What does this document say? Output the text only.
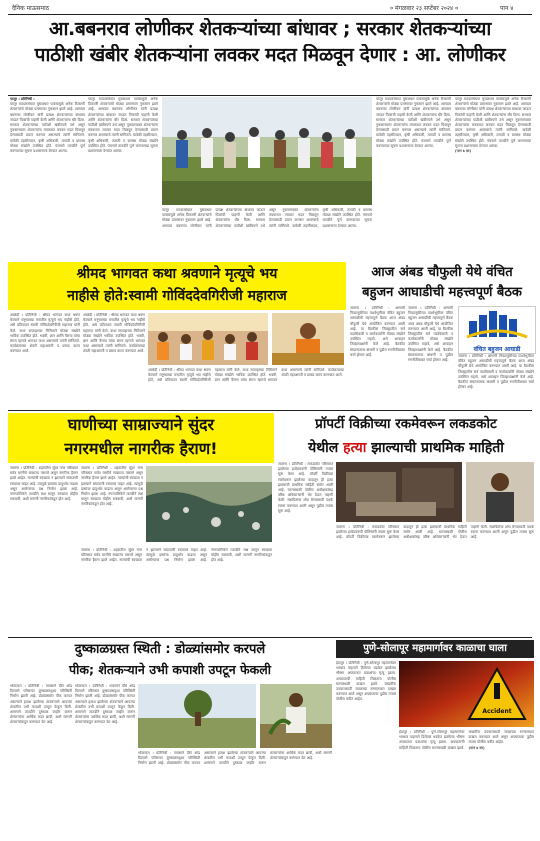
दैनिक माऊसमाठ	० मंगळवार २३ सप्टेंबर २०२४ ०	पान ४
आ.बबनराव लोणीकर शेतकऱ्यांच्या बांधावर ; सरकार शेतकऱ्यांच्या
पाठीशी खंबीर शेतकऱ्यांना लवकर मदत मिळवून देणार : आ. लोणीकर

परतूर । प्रतिनिधी :

परतूर मतदारसंघात मुसळधार पावसामुळे अनेक ठिकाणी शेतकऱ्यांचे मोठ्या प्रमाणावर नुकसान झाले आहे. आमदार बबनराव लोणीकर यांनी प्रत्यक्ष शेतकऱ्यांच्या बांधावर जाऊन पिकांची पाहणी केली आणि शेतकऱ्यांना धीर दिला. सरकार शेतकऱ्यांच्या पाठीशी खंबीरपणे उभे असून नुकसानग्रस्त शेतकऱ्यांना लवकरात लवकर मदत मिळवून देण्यासाठी प्रयत्न करणार असल्याचे त्यांनी सांगितले. यावेळी तहसीलदार, कृषी अधिकारी, तलाठी व ग्रामस्थ मोठ्या संख्येने उपस्थित होते. पंचनामे तातडीने पूर्ण करण्याच्या सूचना प्रशासनाला देण्यात आल्या.

परतूर मतदारसंघात मुसळधार पावसामुळे अनेक ठिकाणी शेतकऱ्यांचे मोठ्या प्रमाणावर नुकसान झाले आहे. आमदार बबनराव लोणीकर यांनी प्रत्यक्ष शेतकऱ्यांच्या बांधावर जाऊन पिकांची पाहणी केली आणि शेतकऱ्यांना धीर दिला. सरकार शेतकऱ्यांच्या पाठीशी खंबीरपणे उभे असून नुकसानग्रस्त शेतकऱ्यांना लवकरात लवकर मदत मिळवून देण्यासाठी प्रयत्न करणार असल्याचे त्यांनी सांगितले. यावेळी तहसीलदार, कृषी अधिकारी, तलाठी व ग्रामस्थ मोठ्या संख्येने उपस्थित होते. पंचनामे तातडीने पूर्ण करण्याच्या सूचना प्रशासनाला देण्यात आल्या.

परतूर मतदारसंघात मुसळधार पावसामुळे अनेक ठिकाणी शेतकऱ्यांचे मोठ्या प्रमाणावर नुकसान झाले आहे. आमदार बबनराव लोणीकर यांनी प्रत्यक्ष शेतकऱ्यांच्या बांधावर जाऊन पिकांची पाहणी केली आणि शेतकऱ्यांना धीर दिला. सरकार शेतकऱ्यांच्या पाठीशी खंबीरपणे उभे असून नुकसानग्रस्त शेतकऱ्यांना लवकरात लवकर मदत मिळवून देण्यासाठी प्रयत्न करणार असल्याचे त्यांनी सांगितले. यावेळी तहसीलदार, कृषी अधिकारी, तलाठी व ग्रामस्थ मोठ्या संख्येने उपस्थित होते. पंचनामे तातडीने पूर्ण करण्याच्या सूचना प्रशासनाला देण्यात आल्या.

परतूर मतदारसंघात मुसळधार पावसामुळे अनेक ठिकाणी शेतकऱ्यांचे मोठ्या प्रमाणावर नुकसान झाले आहे. आमदार बबनराव लोणीकर यांनी प्रत्यक्ष शेतकऱ्यांच्या बांधावर जाऊन पिकांची पाहणी केली आणि शेतकऱ्यांना धीर दिला. सरकार शेतकऱ्यांच्या पाठीशी खंबीरपणे उभे असून नुकसानग्रस्त शेतकऱ्यांना लवकरात लवकर मदत मिळवून देण्यासाठी प्रयत्न करणार असल्याचे त्यांनी सांगितले. यावेळी तहसीलदार, कृषी अधिकारी, तलाठी व ग्रामस्थ मोठ्या संख्येने उपस्थित होते. पंचनामे तातडीने पूर्ण करण्याच्या सूचना प्रशासनाला देण्यात आल्या.

परतूर मतदारसंघात मुसळधार पावसामुळे अनेक ठिकाणी शेतकऱ्यांचे मोठ्या प्रमाणावर नुकसान झाले आहे. आमदार बबनराव लोणीकर यांनी प्रत्यक्ष शेतकऱ्यांच्या बांधावर जाऊन पिकांची पाहणी केली आणि शेतकऱ्यांना धीर दिला. सरकार शेतकऱ्यांच्या पाठीशी खंबीरपणे उभे असून नुकसानग्रस्त शेतकऱ्यांना लवकरात लवकर मदत मिळवून देण्यासाठी प्रयत्न करणार असल्याचे त्यांनी सांगितले. यावेळी तहसीलदार, कृषी अधिकारी, तलाठी व ग्रामस्थ मोठ्या संख्येने उपस्थित होते. पंचनामे तातडीने पूर्ण करण्याच्या सूचना प्रशासनाला देण्यात आल्या.

(पान ७ वर)

श्रीमद भागवत कथा श्रवणाने मृत्यूचे भय
नाहीसे होते:स्वामी गोविंददेवगिरीजी महाराज

आळंदी । प्रतिनिधी : श्रीमद भागवत कथा श्रवण केल्याने मनुष्याच्या मनातील मृत्यूचे भय नाहीसे होते, असे प्रतिपादन स्वामी गोविंददेवगिरीजी महाराज यांनी केले. कथा सप्ताहाच्या निमित्ताने मोठ्या संख्येने भाविक उपस्थित होते. भक्ती, ज्ञान आणि वैराग्य यांचा संगम म्हणजे भागवत कथा असल्याचे त्यांनी सांगितले. कार्यक्रमाच्या शेवटी महाआरती व प्रसाद वाटप करण्यात आले.

आळंदी । प्रतिनिधी : श्रीमद भागवत कथा श्रवण केल्याने मनुष्याच्या मनातील मृत्यूचे भय नाहीसे होते, असे प्रतिपादन स्वामी गोविंददेवगिरीजी महाराज यांनी केले. कथा सप्ताहाच्या निमित्ताने मोठ्या संख्येने भाविक उपस्थित होते. भक्ती, ज्ञान आणि वैराग्य यांचा संगम म्हणजे भागवत कथा असल्याचे त्यांनी सांगितले. कार्यक्रमाच्या शेवटी महाआरती व प्रसाद वाटप करण्यात आले.

आळंदी । प्रतिनिधी : श्रीमद भागवत कथा श्रवण केल्याने मनुष्याच्या मनातील मृत्यूचे भय नाहीसे होते, असे प्रतिपादन स्वामी गोविंददेवगिरीजी महाराज यांनी केले. कथा सप्ताहाच्या निमित्ताने मोठ्या संख्येने भाविक उपस्थित होते. भक्ती, ज्ञान आणि वैराग्य यांचा संगम म्हणजे भागवत कथा असल्याचे त्यांनी सांगितले. कार्यक्रमाच्या शेवटी महाआरती व प्रसाद वाटप करण्यात आले.

आज अंबड चौफुली येथे वंचित
बहुजन आघाडीची महत्त्वपूर्ण बैठक

जालना । प्रतिनिधी : आगामी निवडणुकीच्या पार्श्वभूमीवर वंचित बहुजन आघाडीची महत्त्वपूर्ण बैठक आज अंबड चौफुली येथे आयोजित करण्यात आली आहे. या बैठकीस जिल्ह्यातील सर्व पदाधिकारी व कार्यकर्त्यांनी मोठ्या संख्येने उपस्थित राहावे, असे आवाहन जिल्हाध्यक्षांनी केले आहे. बैठकीत संघटनात्मक बांधणी व पुढील रणनीतीबाबत चर्चा होणार आहे.

जालना । प्रतिनिधी : आगामी निवडणुकीच्या पार्श्वभूमीवर वंचित बहुजन आघाडीची महत्त्वपूर्ण बैठक आज अंबड चौफुली येथे आयोजित करण्यात आली आहे. या बैठकीस जिल्ह्यातील सर्व पदाधिकारी व कार्यकर्त्यांनी मोठ्या संख्येने उपस्थित राहावे, असे आवाहन जिल्हाध्यक्षांनी केले आहे. बैठकीत संघटनात्मक बांधणी व पुढील रणनीतीबाबत चर्चा होणार आहे.

वंचित बहुजन आघाडी

जालना । प्रतिनिधी : आगामी निवडणुकीच्या पार्श्वभूमीवर वंचित बहुजन आघाडीची महत्त्वपूर्ण बैठक आज अंबड चौफुली येथे आयोजित करण्यात आली आहे. या बैठकीस जिल्ह्यातील सर्व पदाधिकारी व कार्यकर्त्यांनी मोठ्या संख्येने उपस्थित राहावे, असे आवाहन जिल्हाध्यक्षांनी केले आहे. बैठकीत संघटनात्मक बांधणी व पुढील रणनीतीबाबत चर्चा होणार आहे.

घाणीच्या साम्राज्याने सुंदर
नगरमधील नागरीक हैराण!

जालना । प्रतिनिधी : शहरातील सुंदर नगर परिसरात सर्वत्र घाणीचे साम्राज्य पसरले असून नागरिक हैराण झाले आहेत. नाल्यांची स्वच्छता न झाल्याने सांडपाणी रस्त्यावर वाहत आहे. त्यामुळे डासांचा प्रादुर्भाव वाढला असून आरोग्याचा प्रश्न निर्माण झाला आहे. नगरपालिकेने तातडीने लक्ष घालून स्वच्छता मोहीम राबवावी, अशी मागणी नागरिकांकडून होत आहे.

जालना । प्रतिनिधी : शहरातील सुंदर नगर परिसरात सर्वत्र घाणीचे साम्राज्य पसरले असून नागरिक हैराण झाले आहेत. नाल्यांची स्वच्छता न झाल्याने सांडपाणी रस्त्यावर वाहत आहे. त्यामुळे डासांचा प्रादुर्भाव वाढला असून आरोग्याचा प्रश्न निर्माण झाला आहे. नगरपालिकेने तातडीने लक्ष घालून स्वच्छता मोहीम राबवावी, अशी मागणी नागरिकांकडून होत आहे.

जालना । प्रतिनिधी : शहरातील सुंदर नगर परिसरात सर्वत्र घाणीचे साम्राज्य पसरले असून नागरिक हैराण झाले आहेत. नाल्यांची स्वच्छता न झाल्याने सांडपाणी रस्त्यावर वाहत आहे. त्यामुळे डासांचा प्रादुर्भाव वाढला असून आरोग्याचा प्रश्न निर्माण झाला आहे. नगरपालिकेने तातडीने लक्ष घालून स्वच्छता मोहीम राबवावी, अशी मागणी नागरिकांकडून होत आहे.

प्रॉपर्टी विक्रीच्या रकमेवरून लकडकोट
येथील हत्या झाल्याची प्राथमिक माहिती

जालना । प्रतिनिधी : लकडकोट परिसरात झालेल्या हत्येप्रकरणी पोलिसांनी तपास सुरू केला आहे. प्रॉपर्टी विक्रीच्या रकमेवरून झालेल्या वादातून ही हत्या झाल्याची प्राथमिक माहिती समोर आली आहे. घटनास्थळी पोलीस अधीक्षकांसह वरिष्ठ अधिकाऱ्यांनी भेट देऊन पाहणी केली. संशयितांचा शोध घेण्यासाठी पथके रवाना करण्यात आली असून पुढील तपास सुरू आहे.

जालना । प्रतिनिधी : लकडकोट परिसरात झालेल्या हत्येप्रकरणी पोलिसांनी तपास सुरू केला आहे. प्रॉपर्टी विक्रीच्या रकमेवरून झालेल्या वादातून ही हत्या झाल्याची प्राथमिक माहिती समोर आली आहे. घटनास्थळी पोलीस अधीक्षकांसह वरिष्ठ अधिकाऱ्यांनी भेट देऊन पाहणी केली. संशयितांचा शोध घेण्यासाठी पथके रवाना करण्यात आली असून पुढील तपास सुरू आहे.

दुष्काळग्रस्त स्थिती : डोळ्यांसमोर करपले
पीक; शेतकऱ्याने उभी कपाशी उपटून फेकली

भोकरदन । प्रतिनिधी : पावसाने दीर्घ ओढ दिल्याने परिसरात दुष्काळसदृश्य परिस्थिती निर्माण झाली आहे. डोळ्यांसमोर पीक करपत असल्याने हताश झालेल्या शेतकऱ्याने आपल्या शेतातील उभी कपाशी उपटून फेकून दिली. शासनाने तातडीने दुष्काळ जाहीर करून शेतकऱ्यांना आर्थिक मदत द्यावी, अशी मागणी शेतकऱ्यांकडून करण्यात येत आहे.

भोकरदन । प्रतिनिधी : पावसाने दीर्घ ओढ दिल्याने परिसरात दुष्काळसदृश्य परिस्थिती निर्माण झाली आहे. डोळ्यांसमोर पीक करपत असल्याने हताश झालेल्या शेतकऱ्याने आपल्या शेतातील उभी कपाशी उपटून फेकून दिली. शासनाने तातडीने दुष्काळ जाहीर करून शेतकऱ्यांना आर्थिक मदत द्यावी, अशी मागणी शेतकऱ्यांकडून करण्यात येत आहे.

भोकरदन । प्रतिनिधी : पावसाने दीर्घ ओढ दिल्याने परिसरात दुष्काळसदृश्य परिस्थिती निर्माण झाली आहे. डोळ्यांसमोर पीक करपत असल्याने हताश झालेल्या शेतकऱ्याने आपल्या शेतातील उभी कपाशी उपटून फेकून दिली. शासनाने तातडीने दुष्काळ जाहीर करून शेतकऱ्यांना आर्थिक मदत द्यावी, अशी मागणी शेतकऱ्यांकडून करण्यात येत आहे.

पुणे-सोलापूर महामार्गावर काळाचा घाला

इंदापूर । प्रतिनिधी : पुणे-सोलापूर महामार्गावर भरधाव वाहनाने दिलेल्या धडकेत झालेल्या भीषण अपघातात प्रवाशांचा मृत्यू झाला. अपघाताची माहिती मिळताच पोलीस घटनास्थळी दाखल झाले. जखमींना उपचारासाठी जवळच्या रुग्णालयात दाखल करण्यात आले असून अपघाताचा पुढील तपास पोलीस करीत आहेत.

Accident

इंदापूर । प्रतिनिधी : पुणे-सोलापूर महामार्गावर भरधाव वाहनाने दिलेल्या धडकेत झालेल्या भीषण अपघातात प्रवाशांचा मृत्यू झाला. अपघाताची माहिती मिळताच पोलीस घटनास्थळी दाखल झाले. जखमींना उपचारासाठी जवळच्या रुग्णालयात दाखल करण्यात आले असून अपघाताचा पुढील तपास पोलीस करीत आहेत.

(पान ७ वर)
